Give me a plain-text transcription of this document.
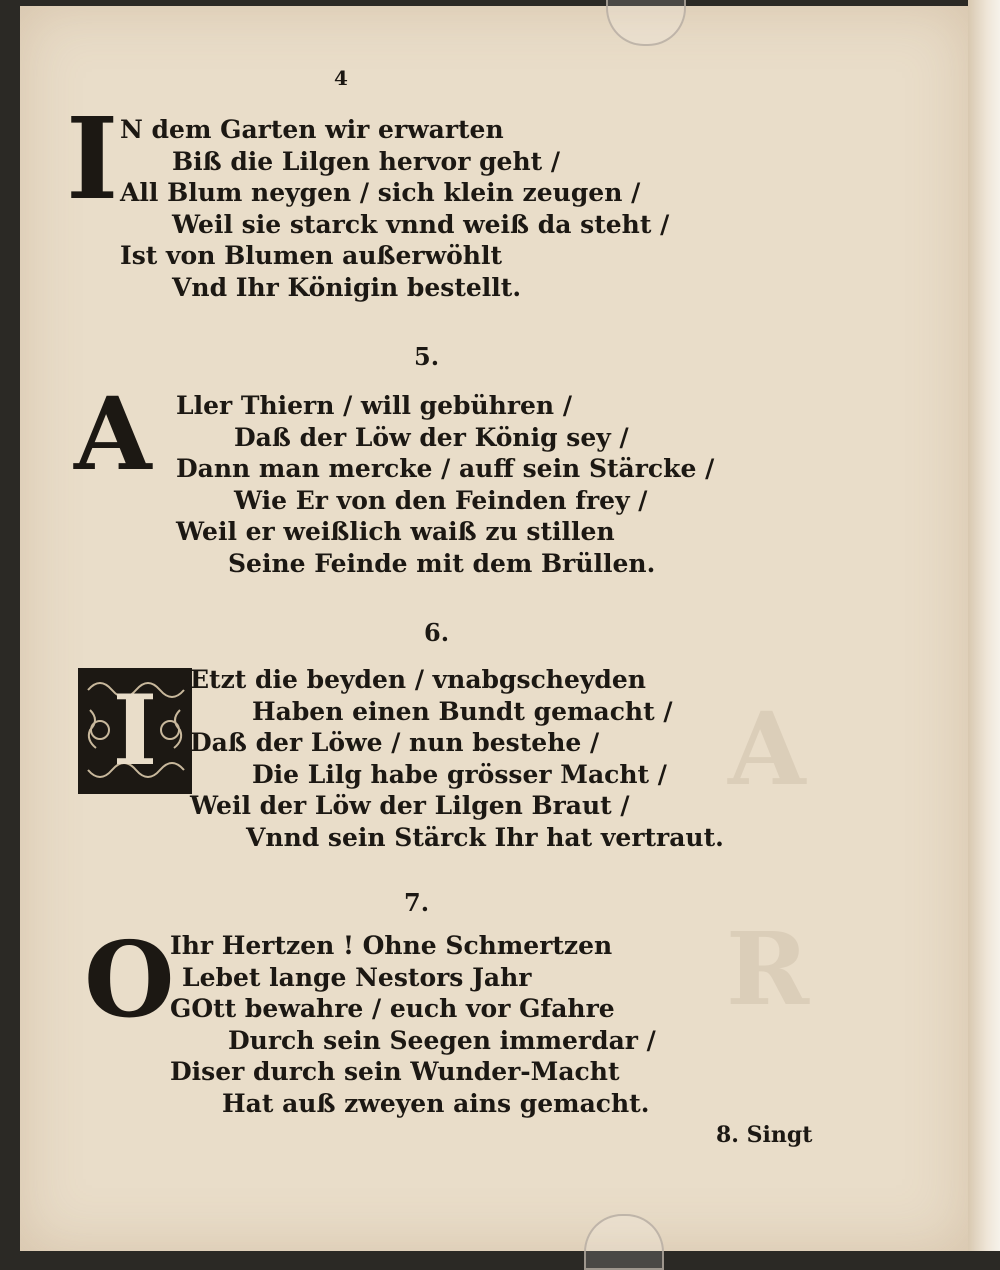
A
R
4
I N dem Garten wir erwarten
Biß die Lilgen hervor geht /
All Blum neygen / sich klein zeugen /
Weil sie starck vnnd weiß da steht /
Ist von Blumen außerwöhlt
Vnd Ihr Königin bestellt.
5.
A Ller Thiern / will gebühren /
Daß der Löw der König sey /
Dann man mercke / auff sein Stärcke /
Wie Er von den Feinden frey /
Weil er weißlich waiß zu stillen
Seine Feinde mit dem Brüllen.
6.
I	Etzt die beyden / vnabgscheyden
Haben einen Bundt gemacht /
Daß der Löwe / nun bestehe /
Die Lilg habe grösser Macht /
Weil der Löw der Lilgen Braut /
Vnnd sein Stärck Ihr hat vertraut.
7.
O
Ihr Hertzen ! Ohne Schmertzen
Lebet lange Nestors Jahr
GOtt bewahre / euch vor Gfahre
Durch sein Seegen immerdar /
Diser durch sein Wunder-Macht
Hat auß zweyen ains gemacht.
8. Singt
